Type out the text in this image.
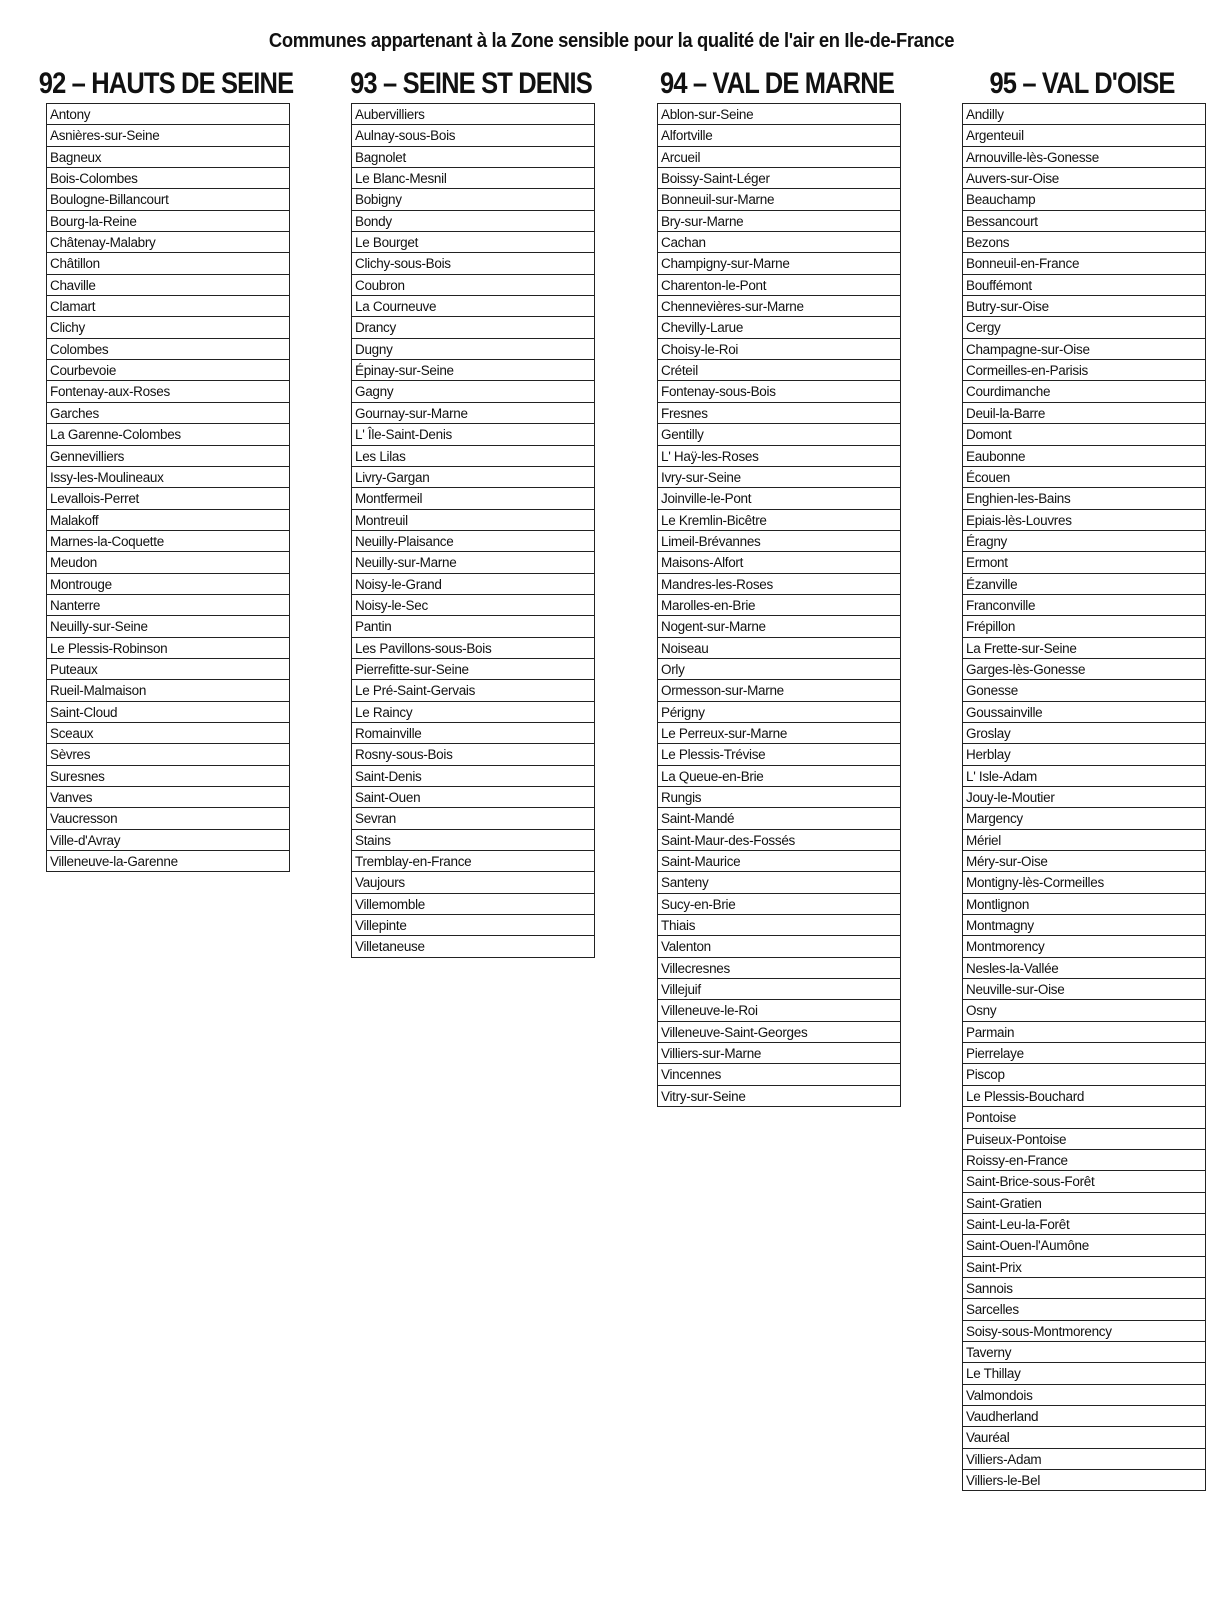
Communes appartenant à la Zone sensible pour la qualité de l'air en Ile-de-France
92 – HAUTS DE SEINE
Antony
Asnières-sur-Seine
Bagneux
Bois-Colombes
Boulogne-Billancourt
Bourg-la-Reine
Châtenay-Malabry
Châtillon
Chaville
Clamart
Clichy
Colombes
Courbevoie
Fontenay-aux-Roses
Garches
La Garenne-Colombes
Gennevilliers
Issy-les-Moulineaux
Levallois-Perret
Malakoff
Marnes-la-Coquette
Meudon
Montrouge
Nanterre
Neuilly-sur-Seine
Le Plessis-Robinson
Puteaux
Rueil-Malmaison
Saint-Cloud
Sceaux
Sèvres
Suresnes
Vanves
Vaucresson
Ville-d'Avray
Villeneuve-la-Garenne
93 – SEINE ST DENIS
Aubervilliers
Aulnay-sous-Bois
Bagnolet
Le Blanc-Mesnil
Bobigny
Bondy
Le Bourget
Clichy-sous-Bois
Coubron
La Courneuve
Drancy
Dugny
Épinay-sur-Seine
Gagny
Gournay-sur-Marne
L' Île-Saint-Denis
Les Lilas
Livry-Gargan
Montfermeil
Montreuil
Neuilly-Plaisance
Neuilly-sur-Marne
Noisy-le-Grand
Noisy-le-Sec
Pantin
Les Pavillons-sous-Bois
Pierrefitte-sur-Seine
Le Pré-Saint-Gervais
Le Raincy
Romainville
Rosny-sous-Bois
Saint-Denis
Saint-Ouen
Sevran
Stains
Tremblay-en-France
Vaujours
Villemomble
Villepinte
Villetaneuse
94 – VAL DE MARNE
Ablon-sur-Seine
Alfortville
Arcueil
Boissy-Saint-Léger
Bonneuil-sur-Marne
Bry-sur-Marne
Cachan
Champigny-sur-Marne
Charenton-le-Pont
Chennevières-sur-Marne
Chevilly-Larue
Choisy-le-Roi
Créteil
Fontenay-sous-Bois
Fresnes
Gentilly
L' Haÿ-les-Roses
Ivry-sur-Seine
Joinville-le-Pont
Le Kremlin-Bicêtre
Limeil-Brévannes
Maisons-Alfort
Mandres-les-Roses
Marolles-en-Brie
Nogent-sur-Marne
Noiseau
Orly
Ormesson-sur-Marne
Périgny
Le Perreux-sur-Marne
Le Plessis-Trévise
La Queue-en-Brie
Rungis
Saint-Mandé
Saint-Maur-des-Fossés
Saint-Maurice
Santeny
Sucy-en-Brie
Thiais
Valenton
Villecresnes
Villejuif
Villeneuve-le-Roi
Villeneuve-Saint-Georges
Villiers-sur-Marne
Vincennes
Vitry-sur-Seine
95 – VAL D'OISE
Andilly
Argenteuil
Arnouville-lès-Gonesse
Auvers-sur-Oise
Beauchamp
Bessancourt
Bezons
Bonneuil-en-France
Bouffémont
Butry-sur-Oise
Cergy
Champagne-sur-Oise
Cormeilles-en-Parisis
Courdimanche
Deuil-la-Barre
Domont
Eaubonne
Écouen
Enghien-les-Bains
Epiais-lès-Louvres
Éragny
Ermont
Ézanville
Franconville
Frépillon
La Frette-sur-Seine
Garges-lès-Gonesse
Gonesse
Goussainville
Groslay
Herblay
L' Isle-Adam
Jouy-le-Moutier
Margency
Mériel
Méry-sur-Oise
Montigny-lès-Cormeilles
Montlignon
Montmagny
Montmorency
Nesles-la-Vallée
Neuville-sur-Oise
Osny
Parmain
Pierrelaye
Piscop
Le Plessis-Bouchard
Pontoise
Puiseux-Pontoise
Roissy-en-France
Saint-Brice-sous-Forêt
Saint-Gratien
Saint-Leu-la-Forêt
Saint-Ouen-l'Aumône
Saint-Prix
Sannois
Sarcelles
Soisy-sous-Montmorency
Taverny
Le Thillay
Valmondois
Vaudherland
Vauréal
Villiers-Adam
Villiers-le-Bel
